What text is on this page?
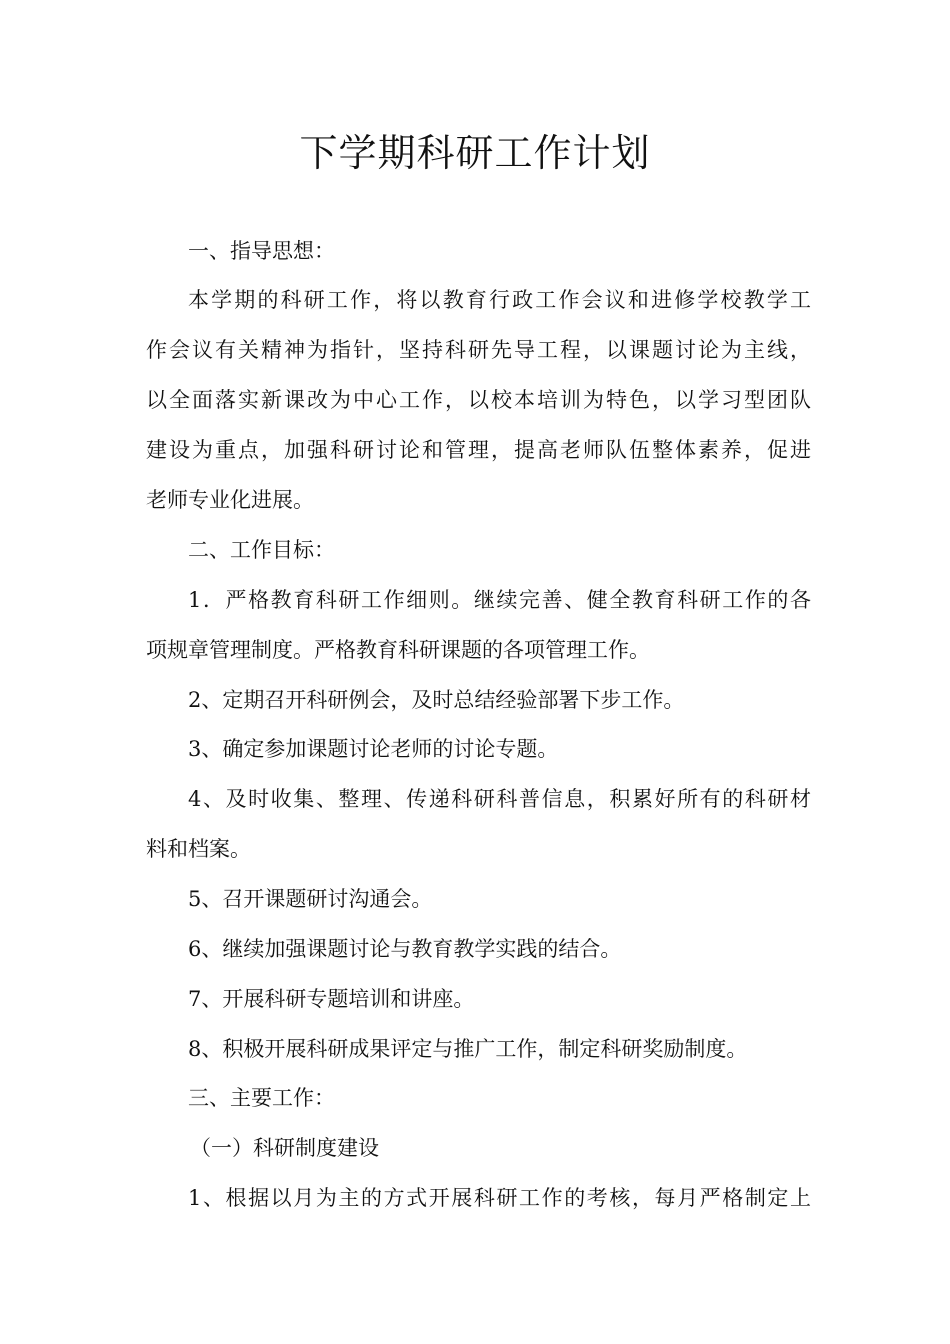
下学期科研工作计划

一、指导思想：

本学期的科研工作，将以教育行政工作会议和进修学校教学工

作会议有关精神为指针，坚持科研先导工程，以课题讨论为主线，

以全面落实新课改为中心工作，以校本培训为特色，以学习型团队

建设为重点，加强科研讨论和管理，提高老师队伍整体素养，促进

老师专业化进展。

二、工作目标：

1．严格教育科研工作细则。继续完善、健全教育科研工作的各

项规章管理制度。严格教育科研课题的各项管理工作。

2、定期召开科研例会，及时总结经验部署下步工作。

3、确定参加课题讨论老师的讨论专题。

4、及时收集、整理、传递科研科普信息，积累好所有的科研材

料和档案。

5、召开课题研讨沟通会。

6、继续加强课题讨论与教育教学实践的结合。

7、开展科研专题培训和讲座。

8、积极开展科研成果评定与推广工作，制定科研奖励制度。

三、主要工作：

（一）科研制度建设

1、根据以月为主的方式开展科研工作的考核，每月严格制定上
